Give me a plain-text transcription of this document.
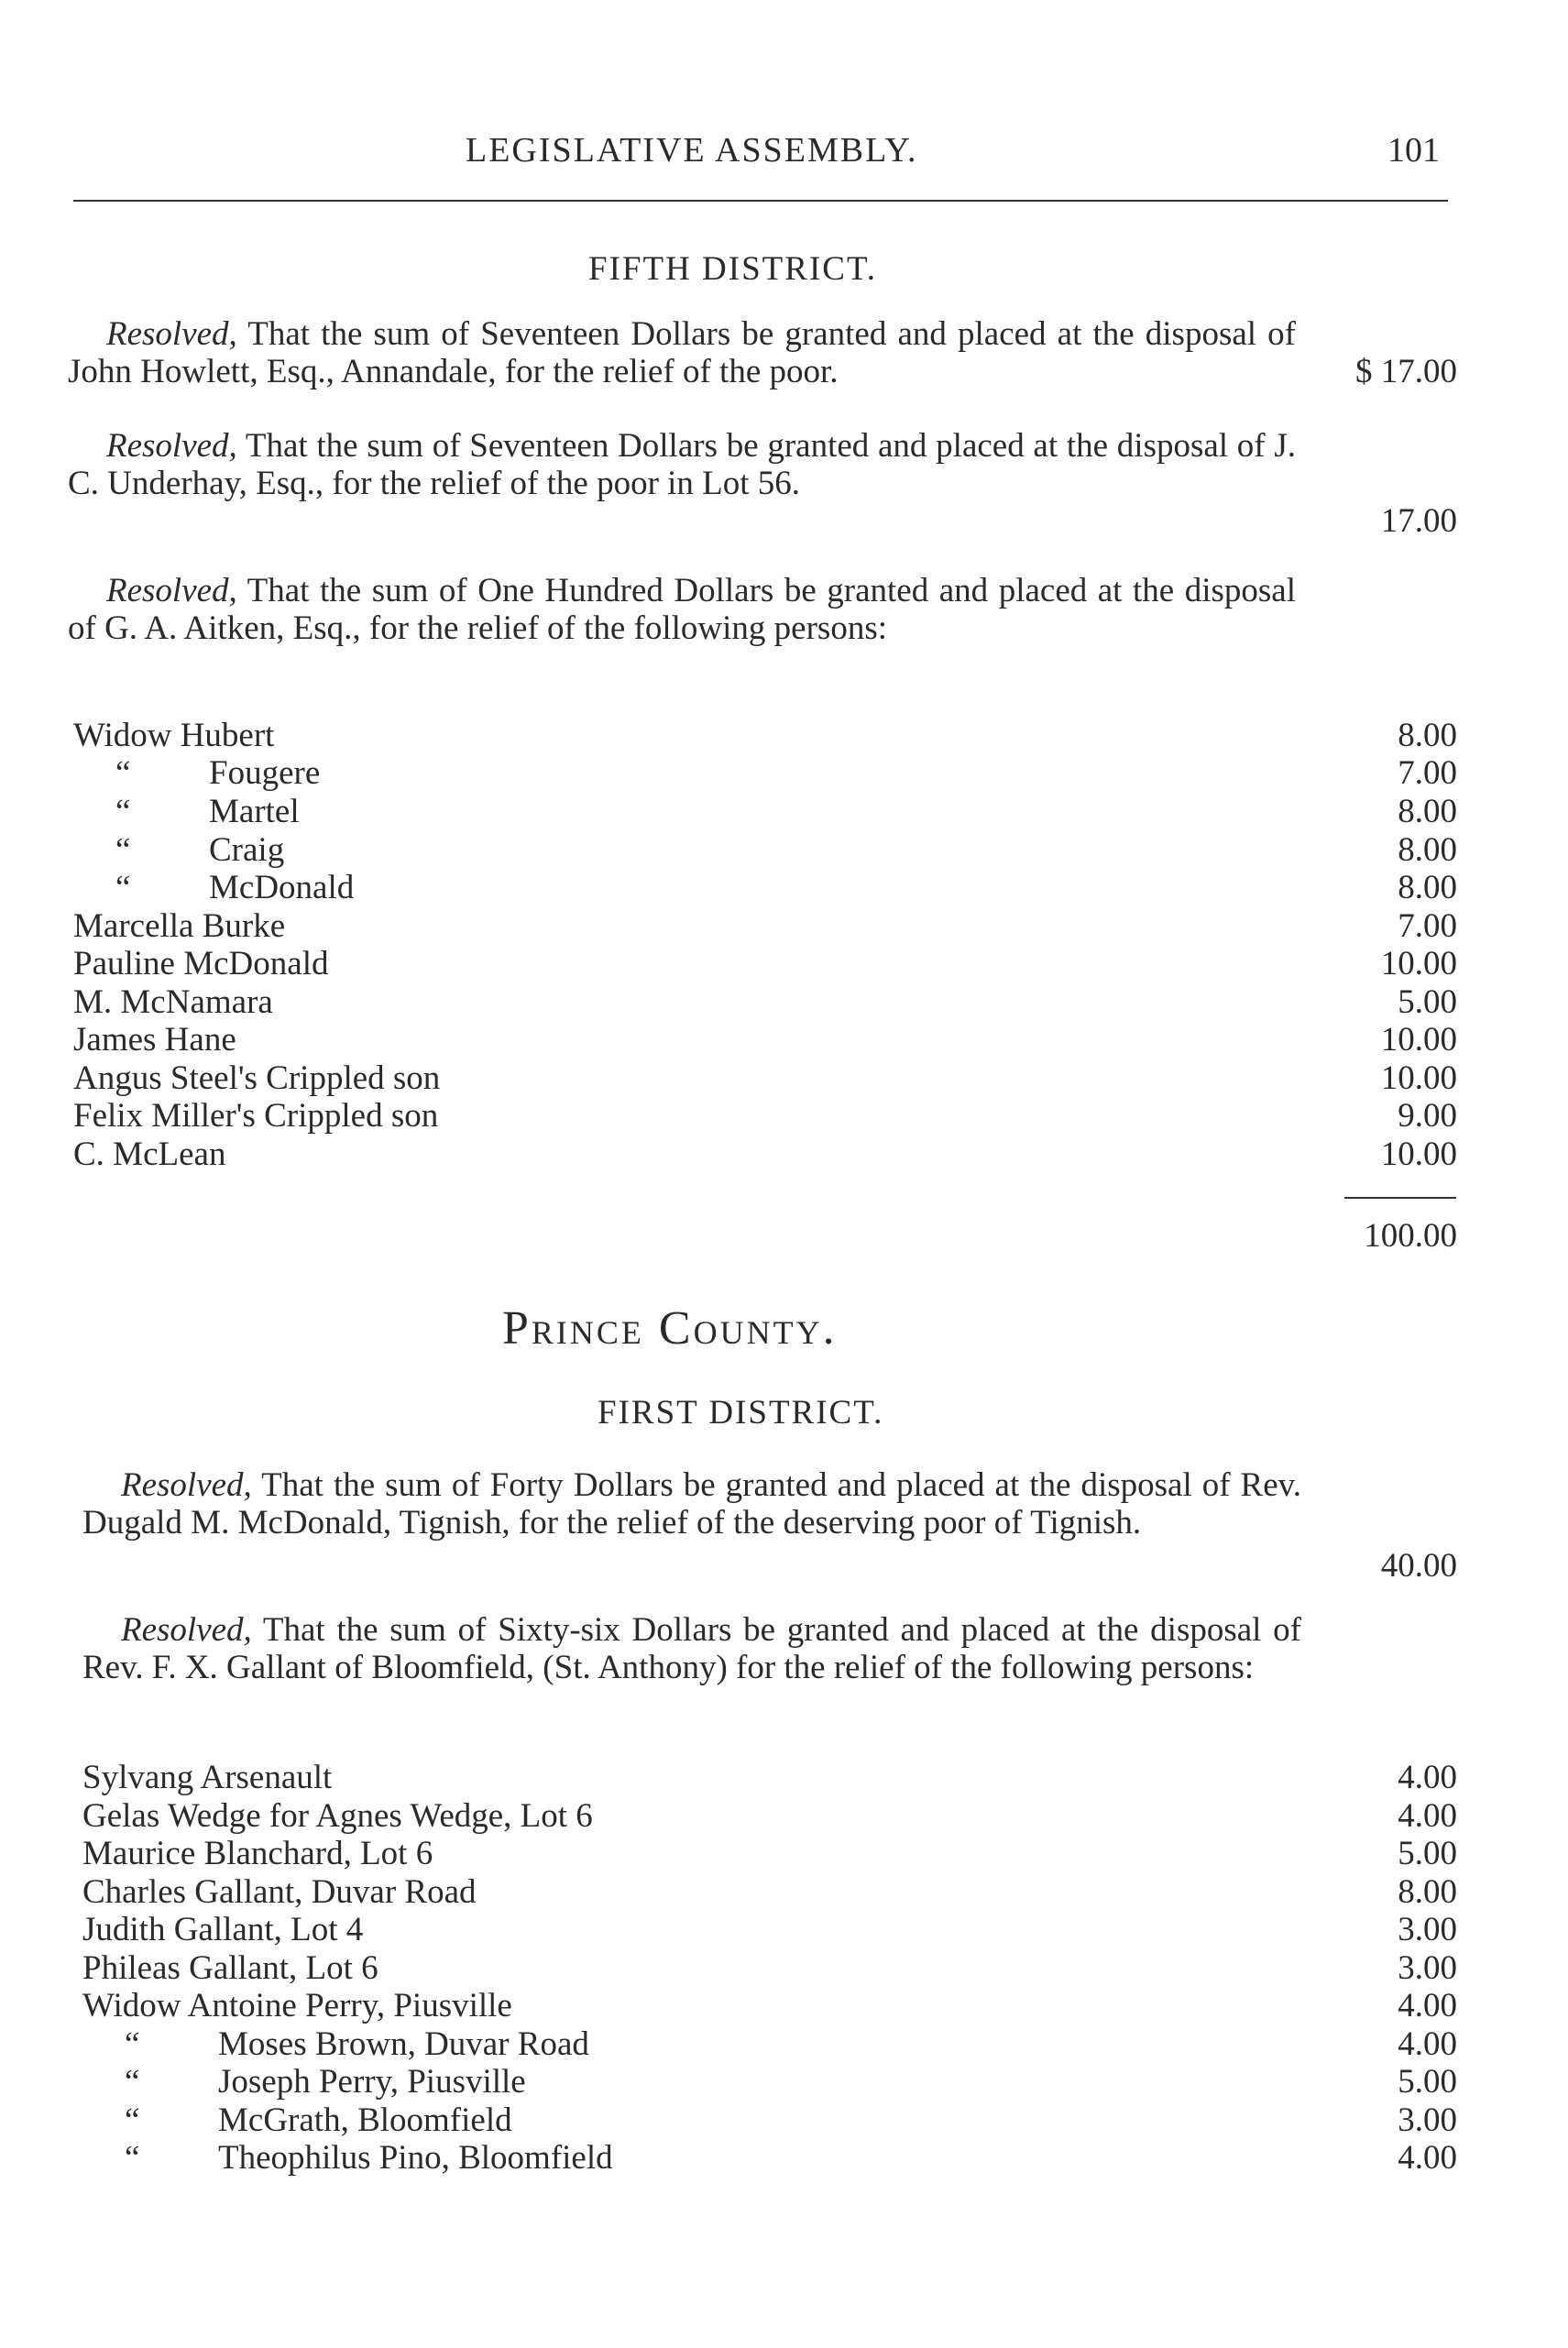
LEGISLATIVE ASSEMBLY.	101
FIFTH DISTRICT.
Resolved, That the sum of Seventeen Dollars be granted and placed at the disposal of John Howlett, Esq., Annandale, for the relief of the poor.	$ 17.00
Resolved, That the sum of Seventeen Dollars be granted and placed at the disposal of J. C. Underhay, Esq., for the relief of the poor in Lot 56.
17.00
Resolved, That the sum of One Hundred Dollars be granted and placed at the disposal of G. A. Aitken, Esq., for the relief of the following persons:
Widow Hubert	8.00
“ Fougere	7.00
“ Martel	8.00
“ Craig	8.00
“ McDonald	8.00
Marcella Burke	7.00
Pauline McDonald	10.00
M. McNamara	5.00
James Hane	10.00
Angus Steel's Crippled son	10.00
Felix Miller's Crippled son	9.00
C. McLean	10.00
100.00
Prince County.
FIRST DISTRICT.
Resolved, That the sum of Forty Dollars be granted and placed at the disposal of Rev. Dugald M. McDonald, Tignish, for the relief of the deserving poor of Tignish.
40.00
Resolved, That the sum of Sixty-six Dollars be granted and placed at the disposal of Rev. F. X. Gallant of Bloomfield, (St. Anthony) for the relief of the following persons:
Sylvang Arsenault	4.00
Gelas Wedge for Agnes Wedge, Lot 6	4.00
Maurice Blanchard, Lot 6	5.00
Charles Gallant, Duvar Road	8.00
Judith Gallant, Lot 4	3.00
Phileas Gallant, Lot 6	3.00
Widow Antoine Perry, Piusville	4.00
“ Moses Brown, Duvar Road	4.00
“ Joseph Perry, Piusville	5.00
“ McGrath, Bloomfield	3.00
“ Theophilus Pino, Bloomfield	4.00
